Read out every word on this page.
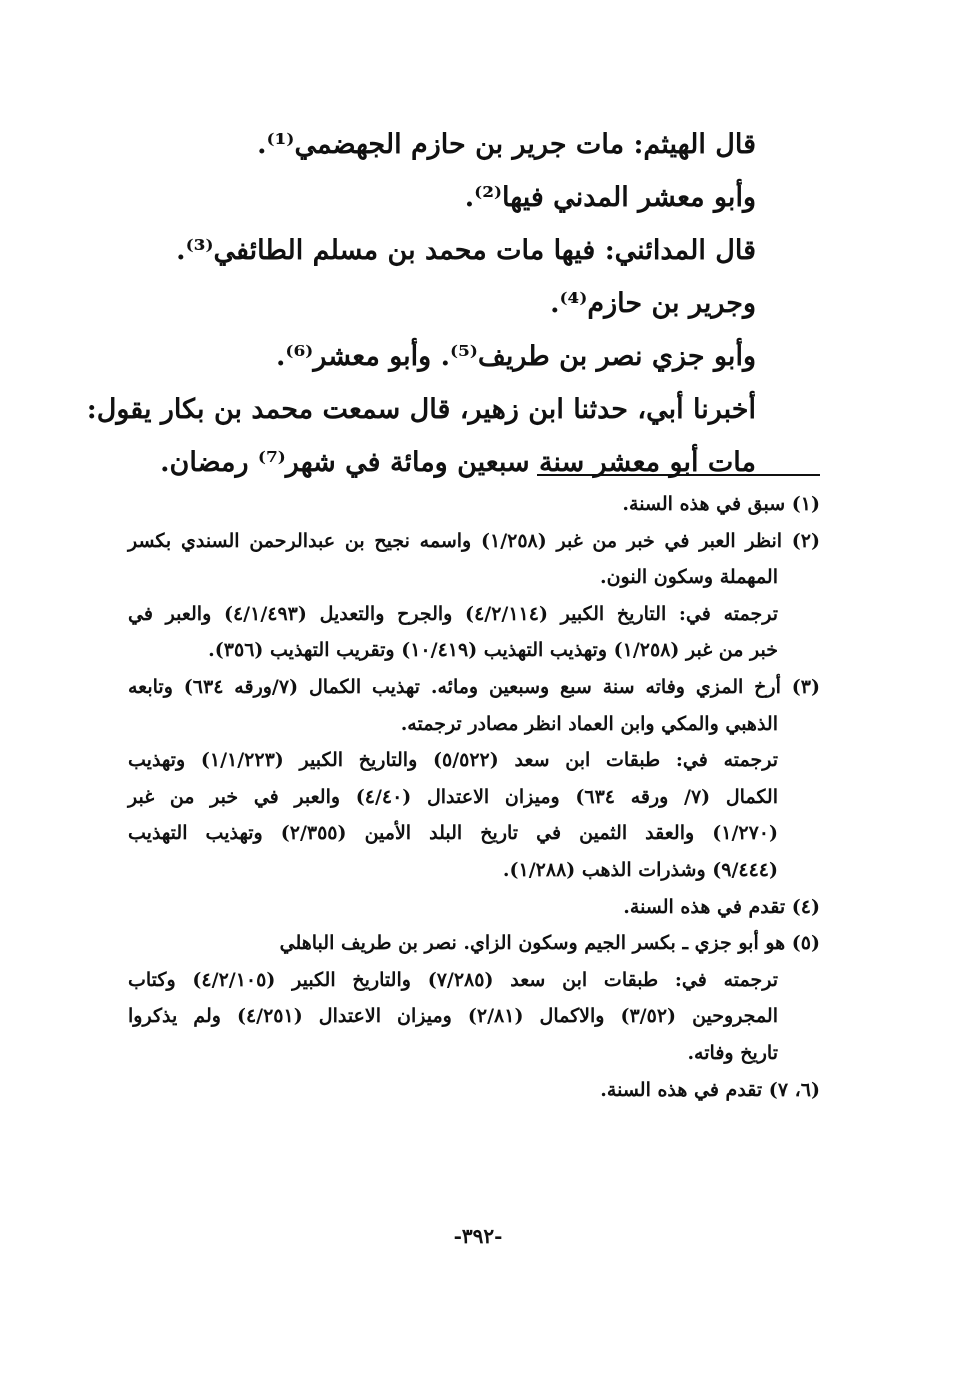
قال الهيثم: مات جرير بن حازم الجهضمي⁽¹⁾.
وأبو معشر المدني فيها⁽²⁾.
قال المدائني: فيها مات محمد بن مسلم الطائفي⁽³⁾.
وجرير بن حازم⁽⁴⁾.
وأبو جزي نصر بن طريف⁽⁵⁾. وأبو معشر⁽⁶⁾.
أخبرنا أبي، حدثنا ابن زهير، قال سمعت محمد بن بكار يقول:
مات أبو معشر سنة سبعين ومائة في شهر⁽⁷⁾ رمضان.
(١) سبق في هذه السنة.
(٢) انظر العبر في خبر من غبر (١/٢٥٨) واسمه نجيح بن عبدالرحمن السندي بكسر
المهملة وسكون النون.
ترجمته في: التاريخ الكبير (٤/٢/١١٤) والجرح والتعديل (٤/١/٤٩٣) والعبر في
خبر من غبر (١/٢٥٨) وتهذيب التهذيب (١٠/٤١٩) وتقريب التهذيب (٣٥٦).
(٣) أرخ المزي وفاته سنة سبع وسبعين ومائه. تهذيب الكمال (٧/ورقه ٦٣٤) وتابعه
الذهبي والمكي وابن العماد انظر مصادر ترجمته.
ترجمته في: طبقات ابن سعد (٥/٥٢٢) والتاريخ الكبير (١/١/٢٢٣) وتهذيب
الكمال (٧/ ورقه ٦٣٤) وميزان الاعتدال (٤/٤٠) والعبر في خبر من غبر
(١/٢٧٠) والعقد الثمين في تاريخ البلد الأمين (٢/٣٥٥) وتهذيب التهذيب
(٩/٤٤٤) وشذرات الذهب (١/٢٨٨).
(٤) تقدم في هذه السنة.
(٥) هو أبو جزي ـ بكسر الجيم وسكون الزاي. نصر بن طريف الباهلي
ترجمته في: طبقات ابن سعد (٧/٢٨٥) والتاريخ الكبير (٤/٢/١٠٥) وكتاب
المجروحين (٣/٥٢) والاكمال (٢/٨١) وميزان الاعتدال (٤/٢٥١) ولم يذكروا
تاريخ وفاته.
(٦، ٧) تقدم في هذه السنة.
-٣٩٢-
